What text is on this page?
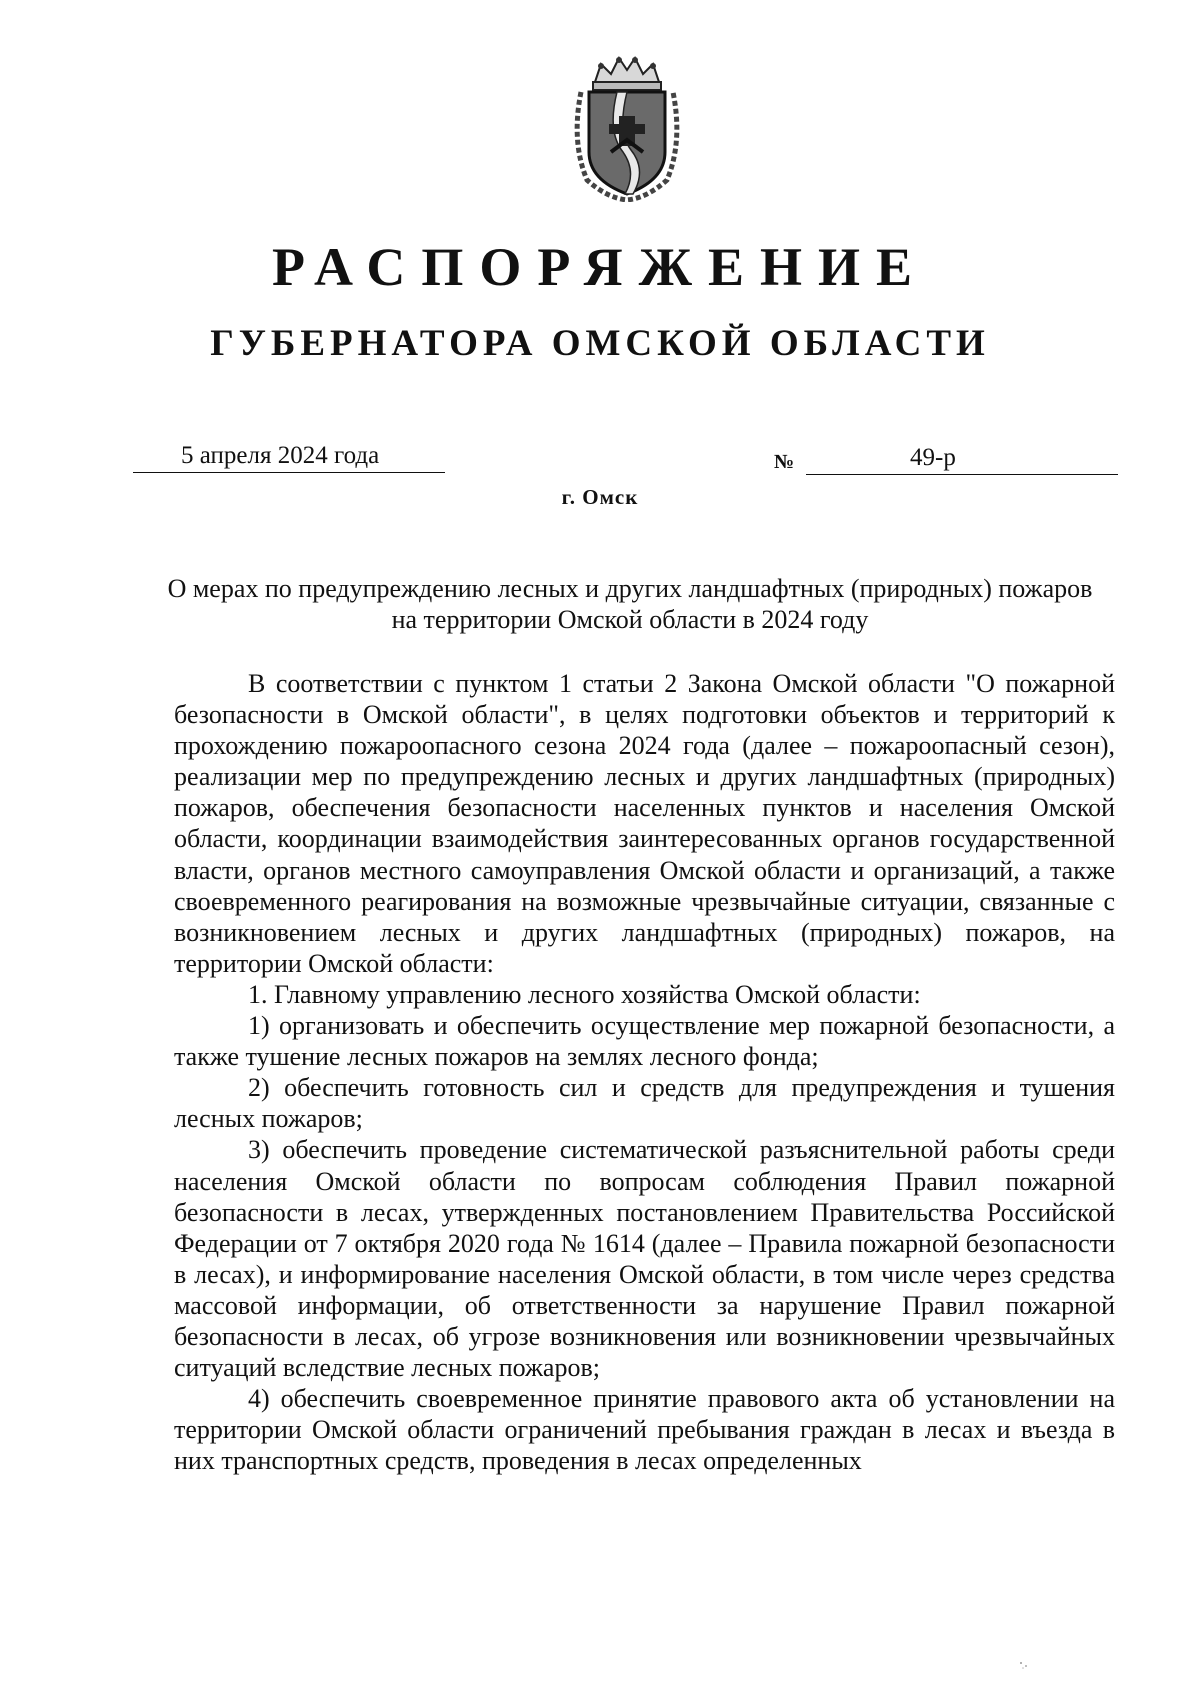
РАСПОРЯЖЕНИЕ
ГУБЕРНАТОРА ОМСКОЙ ОБЛАСТИ
5 апреля 2024 года	№	49-р
г. Омск
О мерах по предупреждению лесных и других ландшафтных (природных) пожаров на территории Омской области в 2024 году

В соответствии с пунктом 1 статьи 2 Закона Омской области "О пожарной безопасности в Омской области", в целях подготовки объектов и территорий к прохождению пожароопасного сезона 2024 года (далее – пожароопасный сезон), реализации мер по предупреждению лесных и других ландшафтных (природных) пожаров, обеспечения безопасности населенных пунктов и населения Омской области, координации взаимодействия заинтересованных органов государственной власти, органов местного самоуправления Омской области и организаций, а также своевременного реагирования на возможные чрезвычайные ситуации, связанные с возникновением лесных и других ландшафтных (природных) пожаров, на территории Омской области:

1. Главному управлению лесного хозяйства Омской области:

1) организовать и обеспечить осуществление мер пожарной безопасности, а также тушение лесных пожаров на землях лесного фонда;

2) обеспечить готовность сил и средств для предупреждения и тушения лесных пожаров;

3) обеспечить проведение систематической разъяснительной работы среди населения Омской области по вопросам соблюдения Правил пожарной безопасности в лесах, утвержденных постановлением Правительства Российской Федерации от 7 октября 2020 года № 1614 (далее – Правила пожарной безопасности в лесах), и информирование населения Омской области, в том числе через средства массовой информации, об ответственности за нарушение Правил пожарной безопасности в лесах, об угрозе возникновения или возникновении чрезвычайных ситуаций вследствие лесных пожаров;

4) обеспечить своевременное принятие правового акта об установлении на территории Омской области ограничений пребывания граждан в лесах и въезда в них транспортных средств, проведения в лесах определенных
